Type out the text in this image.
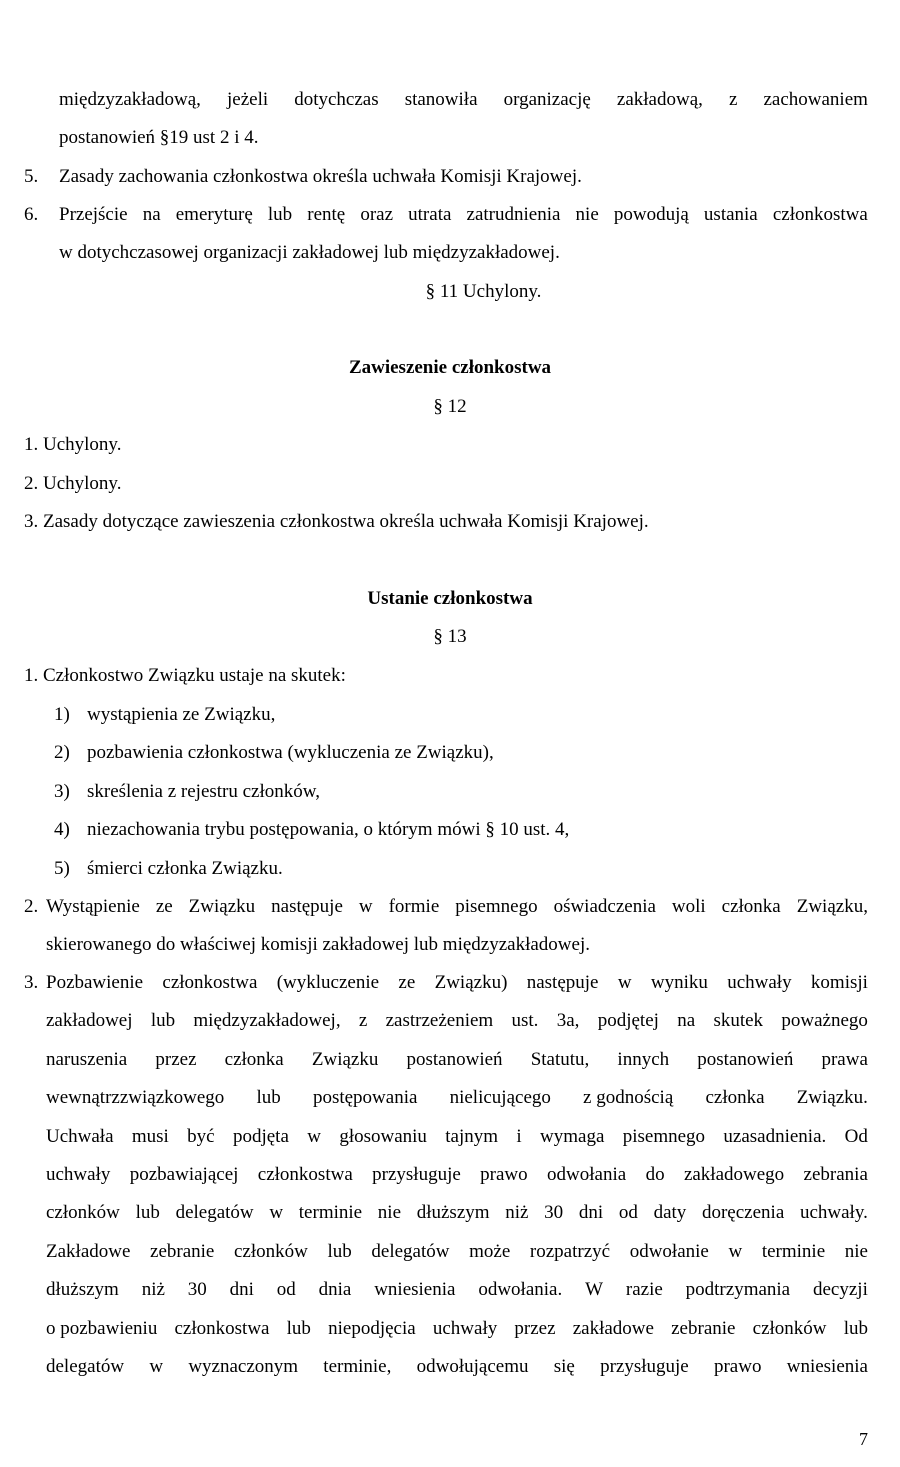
międzyzakładową, jeżeli dotychczas stanowiła organizację zakładową, z zachowaniem
postanowień §19 ust 2 i 4.
5. Zasady zachowania członkostwa określa uchwała Komisji Krajowej.
6. Przejście na emeryturę lub rentę oraz utrata zatrudnienia nie powodują ustania członkostwa
w dotychczasowej organizacji zakładowej lub międzyzakładowej.
§ 11 Uchylony.
Zawieszenie członkostwa
§ 12
1. Uchylony.
2. Uchylony.
3. Zasady dotyczące zawieszenia członkostwa określa uchwała Komisji Krajowej.
Ustanie członkostwa
§ 13
1. Członkostwo Związku ustaje na skutek:
1) wystąpienia ze Związku,
2) pozbawienia członkostwa (wykluczenia ze Związku),
3) skreślenia z rejestru członków,
4) niezachowania trybu postępowania, o którym mówi § 10 ust. 4,
5) śmierci członka Związku.
2. Wystąpienie ze Związku następuje w formie pisemnego oświadczenia woli członka Związku,
skierowanego do właściwej komisji zakładowej lub międzyzakładowej.
3. Pozbawienie członkostwa (wykluczenie ze Związku) następuje w wyniku uchwały komisji
zakładowej lub międzyzakładowej, z zastrzeżeniem ust. 3a, podjętej na skutek poważnego
naruszenia przez członka Związku postanowień Statutu, innych postanowień prawa
wewnątrzzwiązkowego lub postępowania nielicującego z godnością członka Związku.
Uchwała musi być podjęta w głosowaniu tajnym i wymaga pisemnego uzasadnienia. Od
uchwały pozbawiającej członkostwa przysługuje prawo odwołania do zakładowego zebrania
członków lub delegatów w terminie nie dłuższym niż 30 dni od daty doręczenia uchwały.
Zakładowe zebranie członków lub delegatów może rozpatrzyć odwołanie w terminie nie
dłuższym niż 30 dni od dnia wniesienia odwołania. W razie podtrzymania decyzji
o pozbawieniu członkostwa lub niepodjęcia uchwały przez zakładowe zebranie członków lub
delegatów w wyznaczonym terminie, odwołującemu się przysługuje prawo wniesienia
7
